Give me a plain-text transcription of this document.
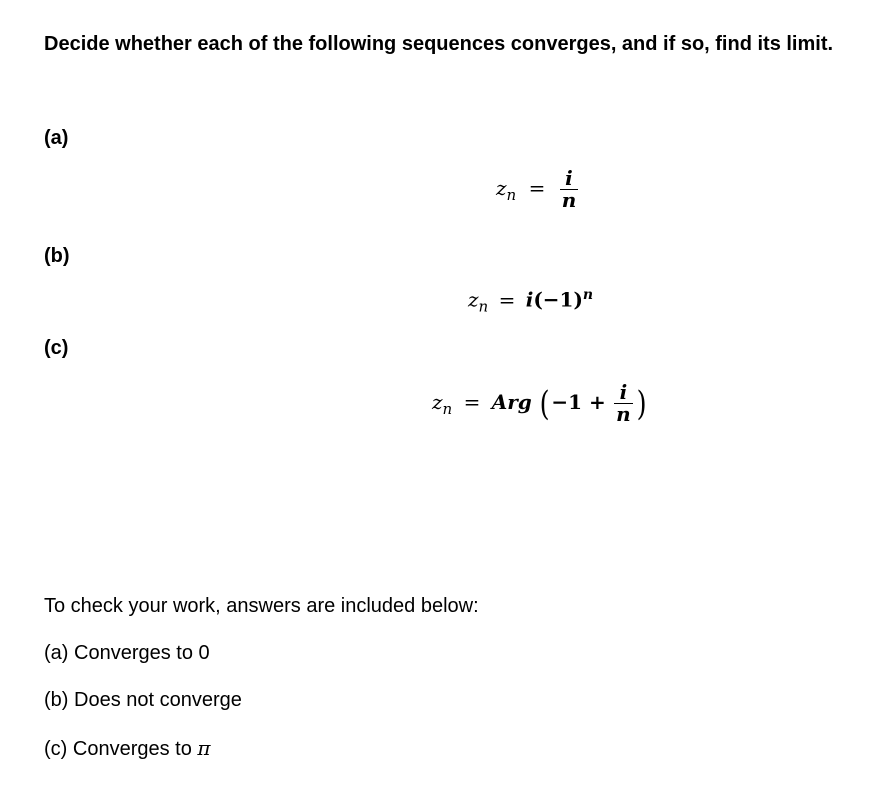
Decide whether each of the following sequences converges, and if so, find its limit.
(a)
(b)
(c)
$z_n = \frac{i}{n}$
$z_n = i(-1)^n$
$z_n$ = Arg ($-1 + \frac{i}{n}$ )
To check your work, answers are included below:
(a) Converges to 0
(b) Does not converge
(c) Converges to π
